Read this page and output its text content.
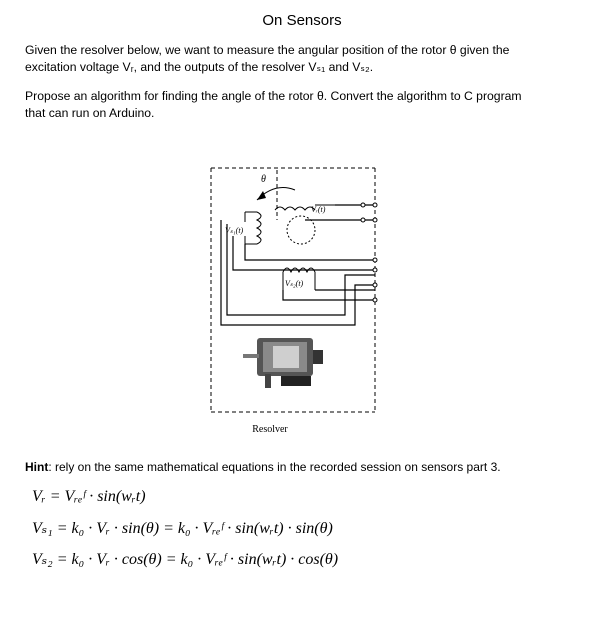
On Sensors
Given the resolver below, we want to measure the angular position of the rotor θ given the
excitation voltage Vᵣ, and the outputs of the resolver Vₛ₁ and Vₛ₂.
Propose an algorithm for finding the angle of the rotor θ. Convert the algorithm to C program
that can run on Arduino.
θ
Vᵣ(t)
Vₛ₁(t)
Vₛ₂(t)
Resolver
Hint: rely on the same mathematical equations in the recorded session on sensors part 3.
Vᵣ = Vᵣₑᶠ · sin(wᵣt)
Vₛ₁ = k₀ · Vᵣ · sin(θ) = k₀ · Vᵣₑᶠ · sin(wᵣt) · sin(θ)
Vₛ₂ = k₀ · Vᵣ · cos(θ) = k₀ · Vᵣₑᶠ · sin(wᵣt) · cos(θ)
